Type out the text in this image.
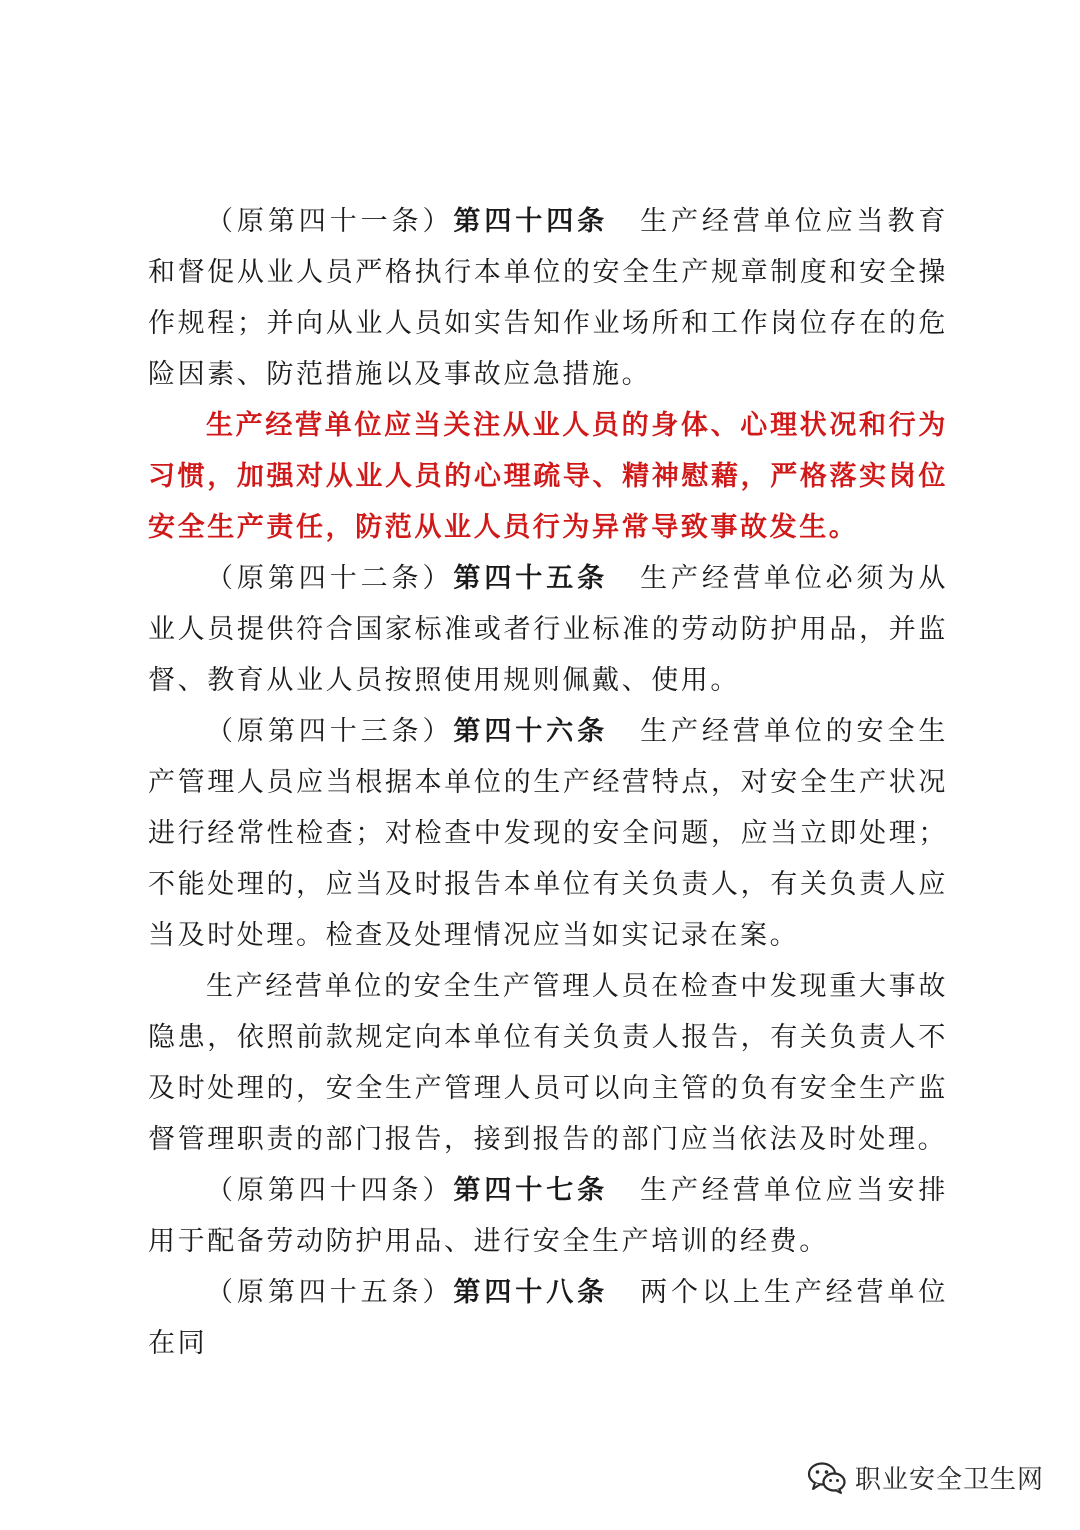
（原第四十一条）第四十四条 生产经营单位应当教育和督促从业人员严格执行本单位的安全生产规章制度和安全操作规程；并向从业人员如实告知作业场所和工作岗位存在的危险因素、防范措施以及事故应急措施。

生产经营单位应当关注从业人员的身体、心理状况和行为习惯，加强对从业人员的心理疏导、精神慰藉，严格落实岗位安全生产责任，防范从业人员行为异常导致事故发生。

（原第四十二条）第四十五条 生产经营单位必须为从业人员提供符合国家标准或者行业标准的劳动防护用品，并监督、教育从业人员按照使用规则佩戴、使用。

（原第四十三条）第四十六条 生产经营单位的安全生产管理人员应当根据本单位的生产经营特点，对安全生产状况进行经常性检查；对检查中发现的安全问题，应当立即处理；不能处理的，应当及时报告本单位有关负责人，有关负责人应当及时处理。检查及处理情况应当如实记录在案。

生产经营单位的安全生产管理人员在检查中发现重大事故隐患，依照前款规定向本单位有关负责人报告，有关负责人不及时处理的，安全生产管理人员可以向主管的负有安全生产监督管理职责的部门报告，接到报告的部门应当依法及时处理。

（原第四十四条）第四十七条 生产经营单位应当安排用于配备劳动防护用品、进行安全生产培训的经费。

（原第四十五条）第四十八条 两个以上生产经营单位在同

职业安全卫生网
